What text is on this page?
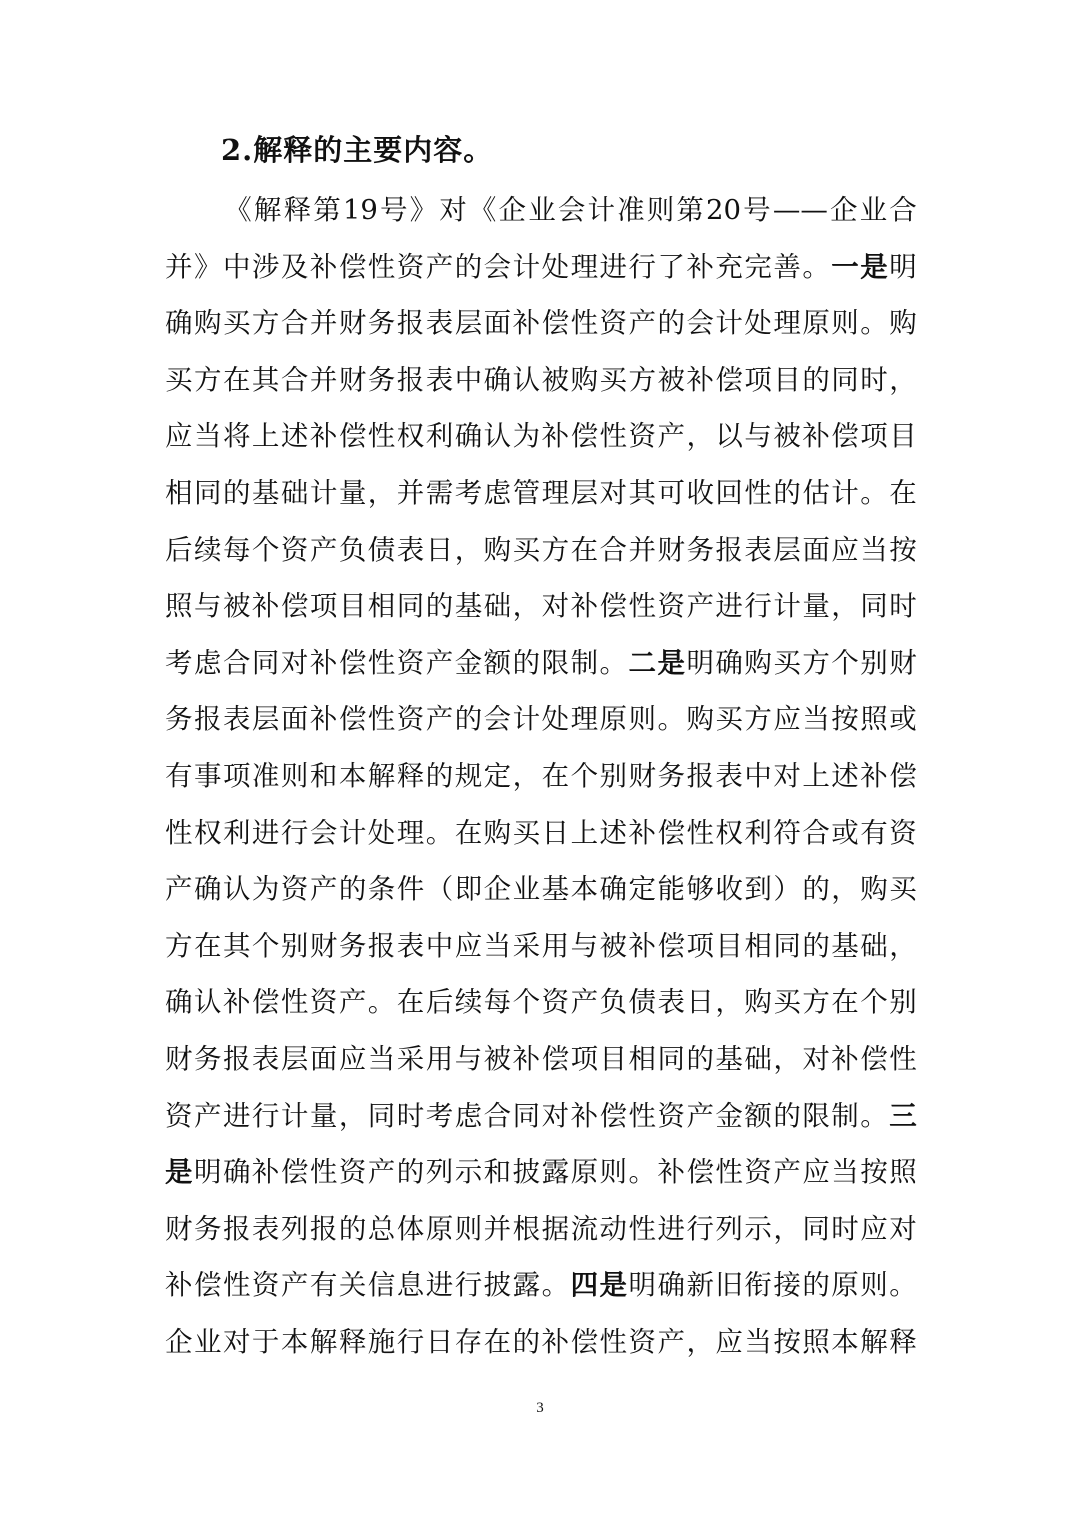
2.解释的主要内容。

《 解 释 第 19 号 》 对 《 企 业 会 计 准 则 第 20 号 —— 企 业 合
并 》 中 涉 及 补 偿 性 资 产 的 会 计 处 理 进 行 了 补 充 完 善 。 一 是 明
确 购 买 方 合 并 财 务 报 表 层 面 补 偿 性 资 产 的 会 计 处 理 原 则 。 购
买 方 在 其 合 并 财 务 报 表 中 确 认 被 购 买 方 被 补 偿 项 目 的 同 时 ，
应 当 将 上 述 补 偿 性 权 利 确 认 为 补 偿 性 资 产 ， 以 与 被 补 偿 项 目
相 同 的 基 础 计 量 ， 并 需 考 虑 管 理 层 对 其 可 收 回 性 的 估 计 。 在
后 续 每 个 资 产 负 债 表 日 ， 购 买 方 在 合 并 财 务 报 表 层 面 应 当 按
照 与 被 补 偿 项 目 相 同 的 基 础 ， 对 补 偿 性 资 产 进 行 计 量 ， 同 时
考 虑 合 同 对 补 偿 性 资 产 金 额 的 限 制 。 二 是 明 确 购 买 方 个 别 财
务 报 表 层 面 补 偿 性 资 产 的 会 计 处 理 原 则 。 购 买 方 应 当 按 照 或
有 事 项 准 则 和 本 解 释 的 规 定 ， 在 个 别 财 务 报 表 中 对 上 述 补 偿
性 权 利 进 行 会 计 处 理 。 在 购 买 日 上 述 补 偿 性 权 利 符 合 或 有 资
产 确 认 为 资 产 的 条 件 （ 即 企 业 基 本 确 定 能 够 收 到 ） 的 ， 购 买
方 在 其 个 别 财 务 报 表 中 应 当 采 用 与 被 补 偿 项 目 相 同 的 基 础 ，
确 认 补 偿 性 资 产 。 在 后 续 每 个 资 产 负 债 表 日 ， 购 买 方 在 个 别
财 务 报 表 层 面 应 当 采 用 与 被 补 偿 项 目 相 同 的 基 础 ， 对 补 偿 性
资 产 进 行 计 量 ， 同 时 考 虑 合 同 对 补 偿 性 资 产 金 额 的 限 制 。 三
是 明 确 补 偿 性 资 产 的 列 示 和 披 露 原 则 。 补 偿 性 资 产 应 当 按 照
财 务 报 表 列 报 的 总 体 原 则 并 根 据 流 动 性 进 行 列 示 ， 同 时 应 对
补 偿 性 资 产 有 关 信 息 进 行 披 露 。 四 是 明 确 新 旧 衔 接 的 原 则 。
企 业 对 于 本 解 释 施 行 日 存 在 的 补 偿 性 资 产 ， 应 当 按 照 本 解 释
3
